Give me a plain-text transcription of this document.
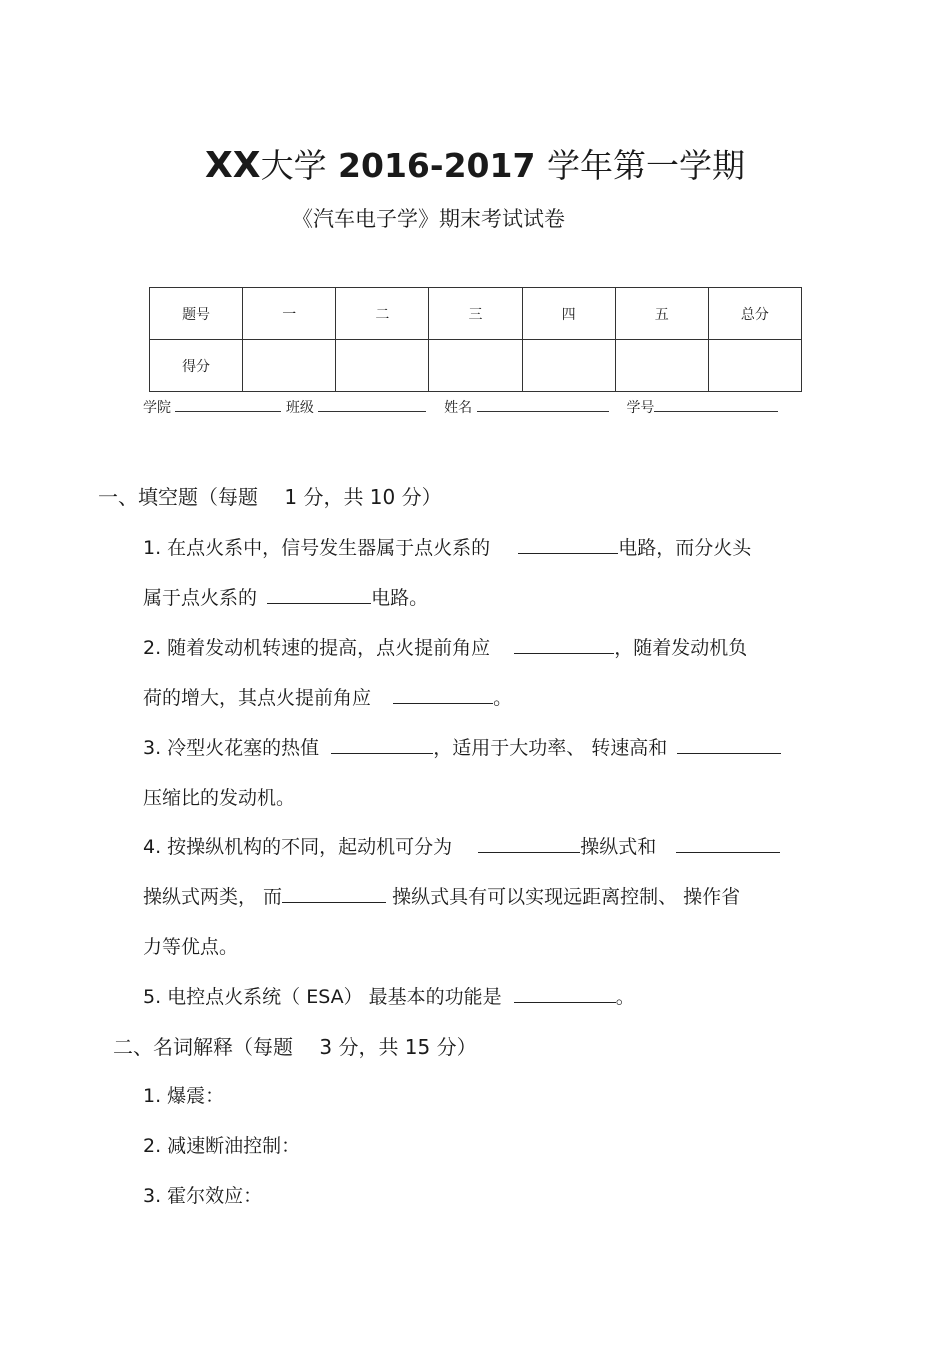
XX大学 2016-2017 学年第一学期
《汽车电子学》期末考试试卷
题号	一	二	三	四	五	总分
得分						
学院	班级	姓名	学号
一、填空题（每题　 1 分，共 10 分）
1. 在点火系中，信号发生器属于点火系的	电路，而分火头
属于点火系的	电路。
2. 随着发动机转速的提高，点火提前角应	，随着发动机负
荷的增大，其点火提前角应	。
3. 冷型火花塞的热值	，适用于大功率、 转速高和
压缩比的发动机。
4. 按操纵机构的不同，起动机可分为	操纵式和
操纵式两类， 而	操纵式具有可以实现远距离控制、 操作省
力等优点。
5. 电控点火系统（ ESA） 最基本的功能是	。
二、名词解释（每题　 3 分，共 15 分）
1. 爆震：
2. 减速断油控制：
3. 霍尔效应：
